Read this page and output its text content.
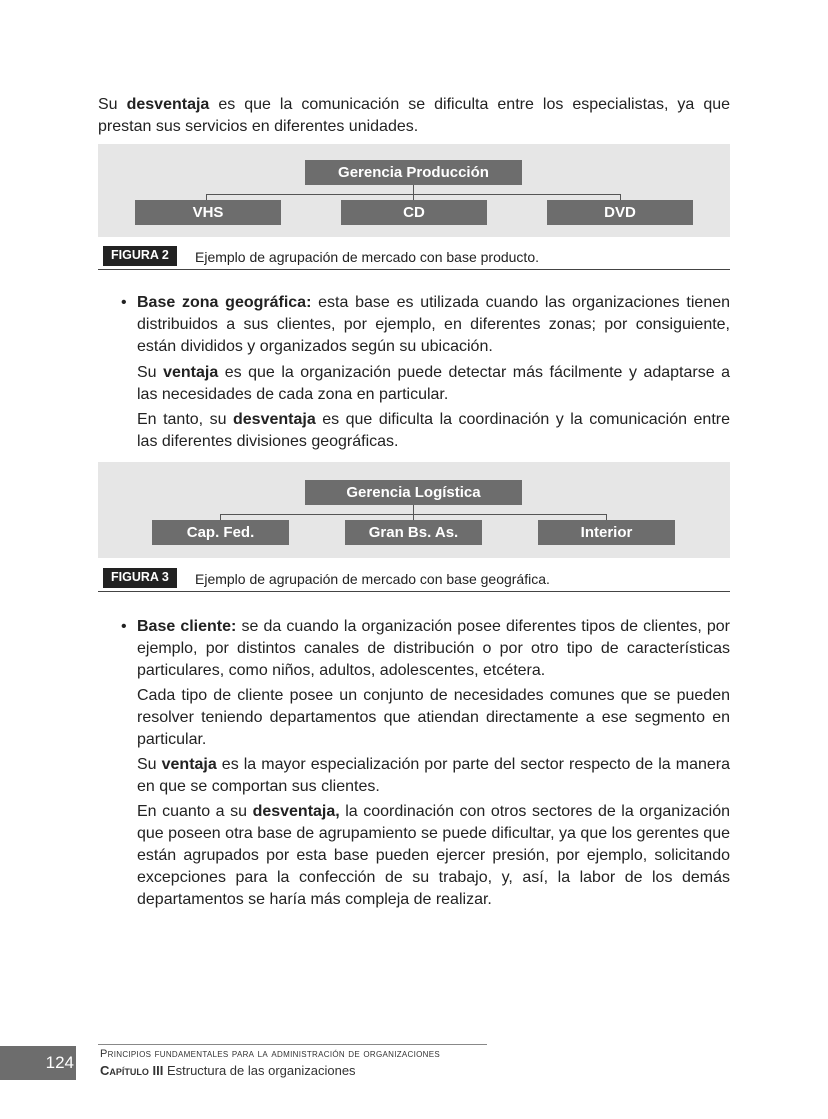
Su desventaja es que la comunicación se dificulta entre los especialistas, ya que prestan sus servicios en diferentes unidades.

Gerencia Producción
VHS	CD	DVD
FIGURA 2	Ejemplo de agrupación de mercado con base producto.
• Base zona geográfica: esta base es utilizada cuando las organizaciones tienen distribuidos a sus clientes, por ejemplo, en diferentes zonas; por consiguiente, están divididos y organizados según su ubicación.

Su ventaja es que la organización puede detectar más fácilmente y adaptarse a las necesidades de cada zona en particular.

En tanto, su desventaja es que dificulta la coordinación y la comunicación entre las diferentes divisiones geográficas.

Gerencia Logística
Cap. Fed.	Gran Bs. As.	Interior
FIGURA 3	Ejemplo de agrupación de mercado con base geográfica.
• Base cliente: se da cuando la organización posee diferentes tipos de clientes, por ejemplo, por distintos canales de distribución o por otro tipo de características particulares, como niños, adultos, adolescentes, etcétera.

Cada tipo de cliente posee un conjunto de necesidades comunes que se pueden resolver teniendo departamentos que atiendan directamente a ese segmento en particular.

Su ventaja es la mayor especialización por parte del sector respecto de la manera en que se comportan sus clientes.

En cuanto a su desventaja, la coordinación con otros sectores de la organización que poseen otra base de agrupamiento se puede dificultar, ya que los gerentes que están agrupados por esta base pueden ejercer presión, por ejemplo, solicitando excepciones para la confección de su trabajo, y, así, la labor de los demás departamentos se haría más compleja de realizar.

124 Principios fundamentales para la administración de organizaciones
Capítulo III Estructura de las organizaciones
